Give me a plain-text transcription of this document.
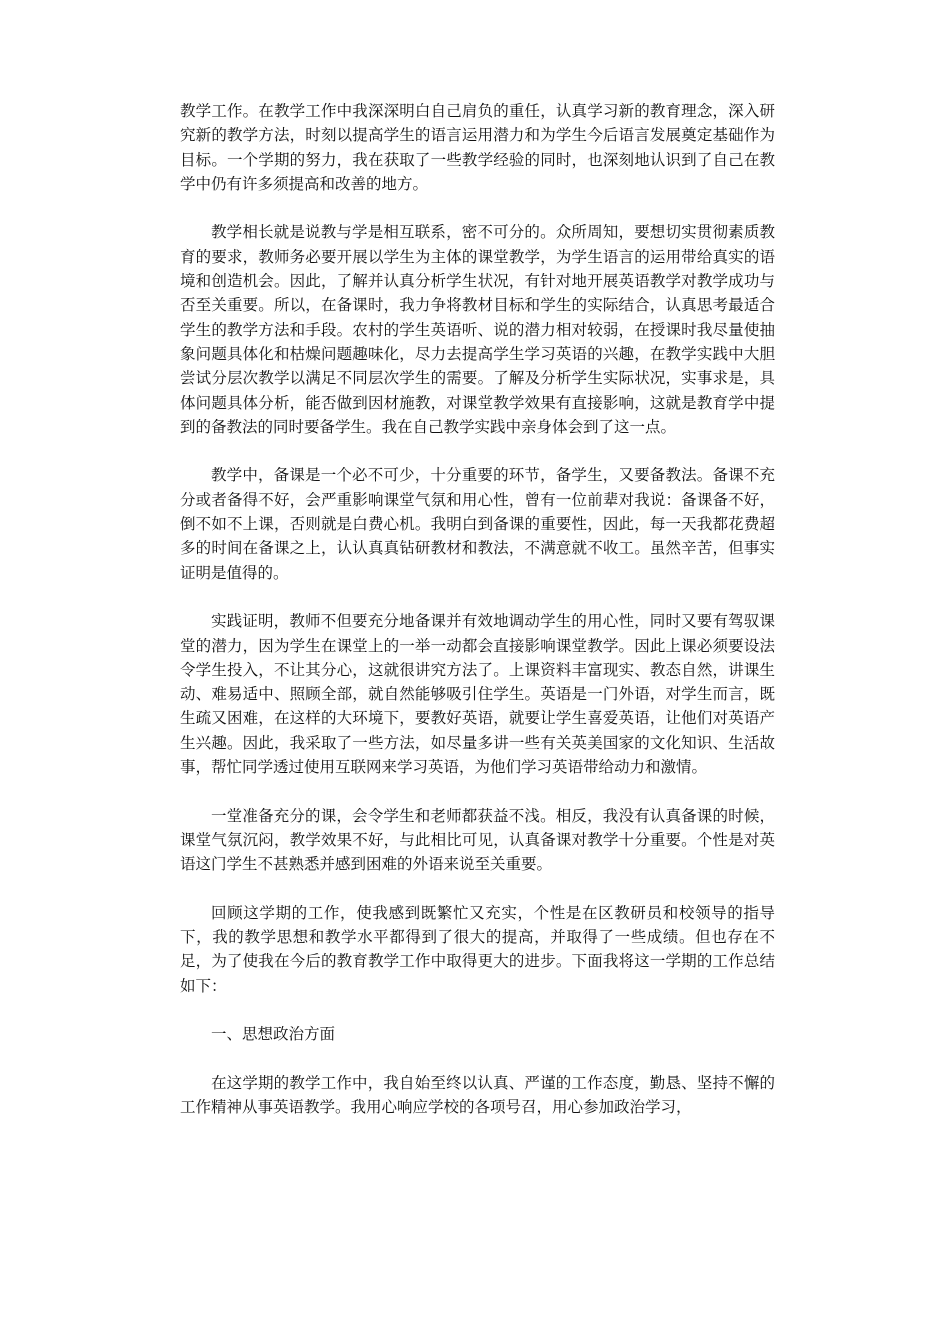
教学工作。在教学工作中我深深明白自己肩负的重任，认真学习新的教育理念，深入研究新的教学方法，时刻以提高学生的语言运用潜力和为学生今后语言发展奠定基础作为目标。一个学期的努力，我在获取了一些教学经验的同时，也深刻地认识到了自己在教学中仍有许多须提高和改善的地方。

教学相长就是说教与学是相互联系，密不可分的。众所周知，要想切实贯彻素质教育的要求，教师务必要开展以学生为主体的课堂教学，为学生语言的运用带给真实的语境和创造机会。因此，了解并认真分析学生状况，有针对地开展英语教学对教学成功与否至关重要。所以，在备课时，我力争将教材目标和学生的实际结合，认真思考最适合学生的教学方法和手段。农村的学生英语听、说的潜力相对较弱，在授课时我尽量使抽象问题具体化和枯燥问题趣味化，尽力去提高学生学习英语的兴趣，在教学实践中大胆尝试分层次教学以满足不同层次学生的需要。了解及分析学生实际状况，实事求是，具体问题具体分析，能否做到因材施教，对课堂教学效果有直接影响，这就是教育学中提到的备教法的同时要备学生。我在自己教学实践中亲身体会到了这一点。

教学中，备课是一个必不可少，十分重要的环节，备学生，又要备教法。备课不充分或者备得不好，会严重影响课堂气氛和用心性，曾有一位前辈对我说：备课备不好，倒不如不上课，否则就是白费心机。我明白到备课的重要性，因此，每一天我都花费超多的时间在备课之上，认认真真钻研教材和教法，不满意就不收工。虽然辛苦，但事实证明是值得的。

实践证明，教师不但要充分地备课并有效地调动学生的用心性，同时又要有驾驭课堂的潜力，因为学生在课堂上的一举一动都会直接影响课堂教学。因此上课必须要设法令学生投入，不让其分心，这就很讲究方法了。上课资料丰富现实、教态自然，讲课生动、难易适中、照顾全部，就自然能够吸引住学生。英语是一门外语，对学生而言，既生疏又困难，在这样的大环境下，要教好英语，就要让学生喜爱英语，让他们对英语产生兴趣。因此，我采取了一些方法，如尽量多讲一些有关英美国家的文化知识、生活故事，帮忙同学透过使用互联网来学习英语，为他们学习英语带给动力和激情。

一堂准备充分的课，会令学生和老师都获益不浅。相反，我没有认真备课的时候，课堂气氛沉闷，教学效果不好，与此相比可见，认真备课对教学十分重要。个性是对英语这门学生不甚熟悉并感到困难的外语来说至关重要。

回顾这学期的工作，使我感到既繁忙又充实，个性是在区教研员和校领导的指导下，我的教学思想和教学水平都得到了很大的提高，并取得了一些成绩。但也存在不足，为了使我在今后的教育教学工作中取得更大的进步。下面我将这一学期的工作总结如下：

一、思想政治方面

在这学期的教学工作中，我自始至终以认真、严谨的工作态度，勤恳、坚持不懈的工作精神从事英语教学。我用心响应学校的各项号召，用心参加政治学习，
